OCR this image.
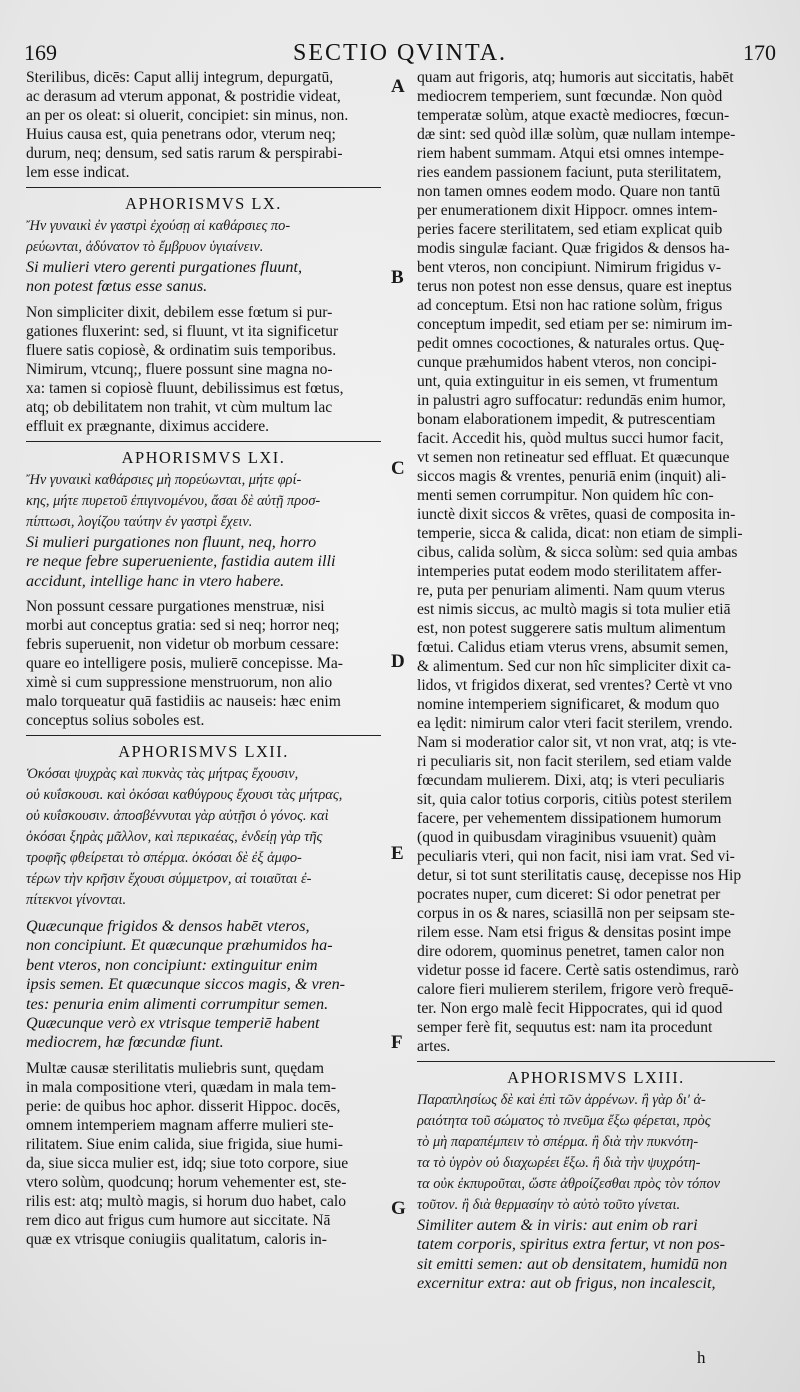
169	SECTIO QVINTA.	170
Sterilibus, dicēs: Caput allij integrum, depurgatū,
ac derasum ad vterum apponat, & postridie videat,
an per os oleat: si oluerit, concipiet: sin minus, non.
Huius causa est, quia penetrans odor, vterum neq;
durum, neq; densum, sed satis rarum & perspirabi-
lem esse indicat.
APHORISMVS LX.
Ἤν γυναικὶ ἐν γαστρὶ ἐχούσῃ αἱ καθάρσιες πο-
ρεύωνται, ἀδύνατον τὸ ἔμβρυον ὑγιαίνειν.
Si mulieri vtero gerenti purgationes fluunt,
non potest fœtus esse sanus.
Non simpliciter dixit, debilem esse fœtum si pur-
gationes fluxerint: sed, si fluunt, vt ita significetur
fluere satis copiosè, & ordinatim suis temporibus.
Nimirum, vtcunq;, fluere possunt sine magna no-
xa: tamen si copiosè fluunt, debilissimus est fœtus,
atq; ob debilitatem non trahit, vt cùm multum lac
effluit ex prægnante, diximus accidere.
APHORISMVS LXI.
Ἤν γυναικὶ καθάρσιες μὴ πορεύωνται, μήτε φρί-
κης, μήτε πυρετοῦ ἐπιγινομένου, ἄσαι δὲ αὐτῇ προσ-
πίπτωσι, λογίζου ταύτην ἐν γαστρὶ ἔχειν.
Si mulieri purgationes non fluunt, neq, horro
re neque febre superueniente, fastidia autem illi
accidunt, intellige hanc in vtero habere.
Non possunt cessare purgationes menstruæ, nisi
morbi aut conceptus gratia: sed si neq; horror neq;
febris superuenit, non videtur ob morbum cessare:
quare eo intelligere posis, mulierē concepisse. Ma-
ximè si cum suppressione menstruorum, non alio
malo torqueatur quā fastidiis ac nauseis: hæc enim
conceptus solius soboles est.
APHORISMVS LXII.
Ὁκόσαι ψυχρὰς καὶ πυκνὰς τὰς μήτρας ἔχουσιν,
οὐ κυΐσκουσι. καὶ ὁκόσαι καθύγρους ἔχουσι τὰς μήτρας,
οὐ κυΐσκουσιν. ἀποσβέννυται γὰρ αὐτῇσι ὁ γόνος. καὶ
ὁκόσαι ξηρὰς μᾶλλον, καὶ περικαέας, ἐνδείῃ γὰρ τῆς
τροφῆς φθείρεται τὸ σπέρμα. ὁκόσαι δὲ ἐξ ἀμφο-
τέρων τὴν κρῆσιν ἔχουσι σύμμετρον, αἱ τοιαῦται ἐ-
πίτεκνοι γίνονται.
Quæcunque frigidos & densos habēt vteros,
non concipiunt. Et quæcunque præhumidos ha-
bent vteros, non concipiunt: extinguitur enim
ipsis semen. Et quæcunque siccos magis, & vren-
tes: penuria enim alimenti corrumpitur semen.
Quæcunque verò ex vtrisque temperiē habent
mediocrem, hæ fœcundæ fiunt.
Multæ causæ sterilitatis muliebris sunt, quędam
in mala compositione vteri, quædam in mala tem-
perie: de quibus hoc aphor. disserit Hippoc. docēs,
omnem intemperiem magnam afferre mulieri ste-
rilitatem. Siue enim calida, siue frigida, siue humi-
da, siue sicca mulier est, idq; siue toto corpore, siue
vtero solùm, quodcunq; horum vehementer est, ste-
rilis est: atq; multò magis, si horum duo habet, calo
rem dico aut frigus cum humore aut siccitate. Nā
quæ ex vtrisque coniugiis qualitatum, caloris in-
quam aut frigoris, atq; humoris aut siccitatis, habēt
mediocrem temperiem, sunt fœcundæ. Non quòd
temperatæ solùm, atque exactè mediocres, fœcun-
dæ sint: sed quòd illæ solùm, quæ nullam intempe-
riem habent summam. Atqui etsi omnes intempe-
ries eandem passionem faciunt, puta sterilitatem,
non tamen omnes eodem modo. Quare non tantū
per enumerationem dixit Hippocr. omnes intem-
peries facere sterilitatem, sed etiam explicat quib
modis singulæ faciant. Quæ frigidos & densos ha-
bent vteros, non concipiunt. Nimirum frigidus v-
terus non potest non esse densus, quare est ineptus
ad conceptum. Etsi non hac ratione solùm, frigus
conceptum impedit, sed etiam per se: nimirum im-
pedit omnes cococtiones, & naturales ortus. Quę-
cunque præhumidos habent vteros, non concipi-
unt, quia extinguitur in eis semen, vt frumentum
in palustri agro suffocatur: redundās enim humor,
bonam elaborationem impedit, & putrescentiam
facit. Accedit his, quòd multus succi humor facit,
vt semen non retineatur sed effluat. Et quæcunque
siccos magis & vrentes, penuriā enim (inquit) ali-
menti semen corrumpitur. Non quidem hîc con-
iunctè dixit siccos & vrētes, quasi de composita in-
temperie, sicca & calida, dicat: non etiam de simpli-
cibus, calida solùm, & sicca solùm: sed quia ambas
intemperies putat eodem modo sterilitatem affer-
re, puta per penuriam alimenti. Nam quum vterus
est nimis siccus, ac multò magis si tota mulier etiā
est, non potest suggerere satis multum alimentum
fœtui. Calidus etiam vterus vrens, absumit semen,
& alimentum. Sed cur non hîc simpliciter dixit ca-
lidos, vt frigidos dixerat, sed vrentes? Certè vt vno
nomine intemperiem significaret, & modum quo
ea lędit: nimirum calor vteri facit sterilem, vrendo.
Nam si moderatior calor sit, vt non vrat, atq; is vte-
ri peculiaris sit, non facit sterilem, sed etiam valde
fœcundam mulierem. Dixi, atq; is vteri peculiaris
sit, quia calor totius corporis, citiùs potest sterilem
facere, per vehementem dissipationem humorum
(quod in quibusdam viraginibus vsuuenit) quàm
peculiaris vteri, qui non facit, nisi iam vrat. Sed vi-
detur, si tot sunt sterilitatis causę, decepisse nos Hip
pocrates nuper, cum diceret: Si odor penetrat per
corpus in os & nares, sciasillā non per seipsam ste-
rilem esse. Nam etsi frigus & densitas posint impe
dire odorem, quominus penetret, tamen calor non
videtur posse id facere. Certè satis ostendimus, rarò
calore fieri mulierem sterilem, frigore verò frequē-
ter. Non ergo malè fecit Hippocrates, qui id quod
semper ferè fit, sequutus est: nam ita procedunt
artes.
APHORISMVS LXIII.
Παραπλησίως δὲ καὶ ἐπὶ τῶν ἀρρένων. ἢ γὰρ δι' ἀ-
ραιότητα τοῦ σώματος τὸ πνεῦμα ἔξω φέρεται, πρὸς
τὸ μὴ παραπέμπειν τὸ σπέρμα. ἢ διὰ τὴν πυκνότη-
τα τὸ ὑγρὸν οὐ διαχωρέει ἔξω. ἢ διὰ τὴν ψυχρότη-
τα οὐκ ἐκπυροῦται, ὥστε ἀθροίζεσθαι πρὸς τὸν τόπον
τοῦτον. ἢ διὰ θερμασίην τὸ αὐτὸ τοῦτο γίνεται.
Similiter autem & in viris: aut enim ob rari
tatem corporis, spiritus extra fertur, vt non pos-
sit emitti semen: aut ob densitatem, humidū non
excernitur extra: aut ob frigus, non incalescit,
A
B
C
D
E
F
G
h
